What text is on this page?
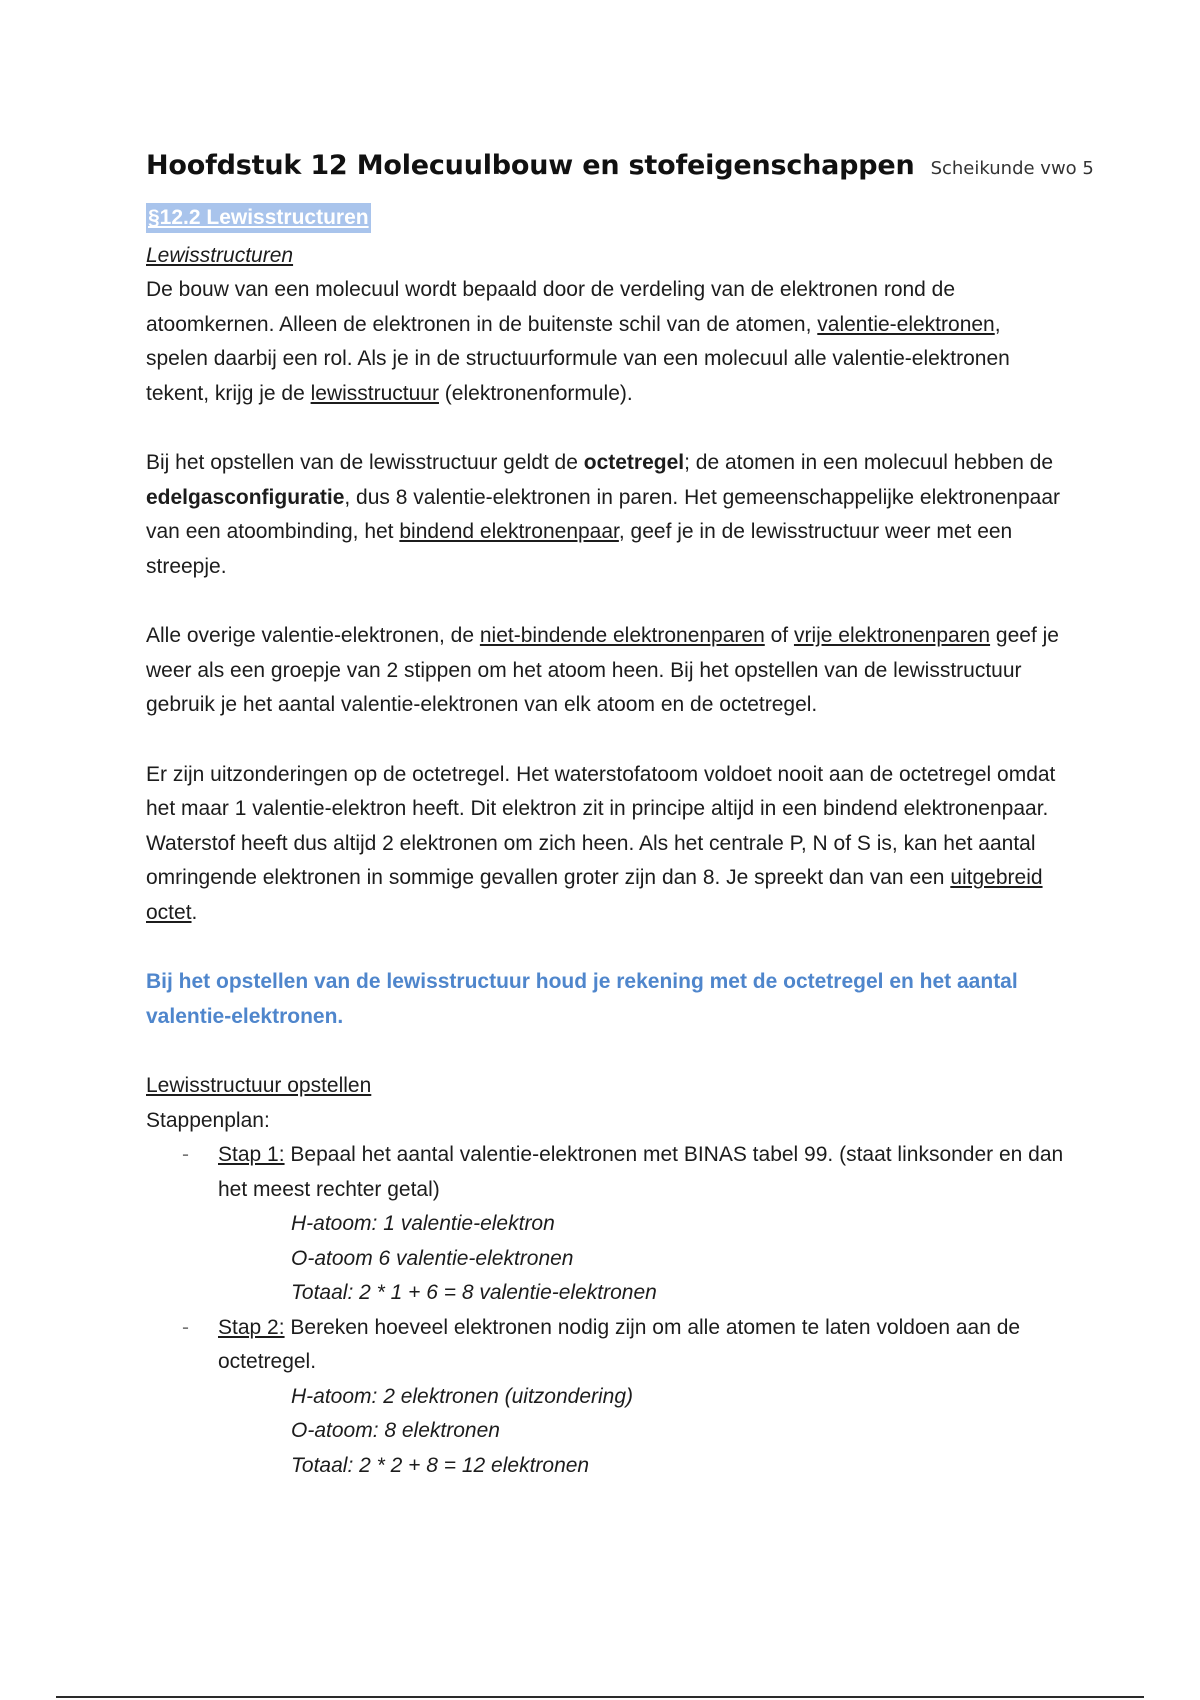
Hoofdstuk 12 Molecuulbouw en stofeigenschappen Scheikunde vwo 5
§12.2 Lewisstructuren
Lewisstructuren

De bouw van een molecuul wordt bepaald door de verdeling van de elektronen rond de atoomkernen. Alleen de elektronen in de buitenste schil van de atomen, valentie-elektronen, spelen daarbij een rol. Als je in de structuurformule van een molecuul alle valentie-elektronen tekent, krijg je de lewisstructuur (elektronenformule).

Bij het opstellen van de lewisstructuur geldt de octetregel; de atomen in een molecuul hebben de edelgasconfiguratie, dus 8 valentie-elektronen in paren. Het gemeenschappelijke elektronenpaar van een atoombinding, het bindend elektronenpaar, geef je in de lewisstructuur weer met een streepje.

Alle overige valentie-elektronen, de niet-bindende elektronenparen of vrije elektronenparen geef je weer als een groepje van 2 stippen om het atoom heen. Bij het opstellen van de lewisstructuur gebruik je het aantal valentie-elektronen van elk atoom en de octetregel.

Er zijn uitzonderingen op de octetregel. Het waterstofatoom voldoet nooit aan de octetregel omdat het maar 1 valentie-elektron heeft. Dit elektron zit in principe altijd in een bindend elektronenpaar. Waterstof heeft dus altijd 2 elektronen om zich heen. Als het centrale P, N of S is, kan het aantal omringende elektronen in sommige gevallen groter zijn dan 8. Je spreekt dan van een uitgebreid octet.

Bij het opstellen van de lewisstructuur houd je rekening met de octetregel en het aantal valentie-elektronen.

Lewisstructuur opstellen

Stappenplan:

- Stap 1: Bepaal het aantal valentie-elektronen met BINAS tabel 99. (staat linksonder en dan het meest rechter getal)
H-atoom: 1 valentie-elektron
O-atoom 6 valentie-elektronen
Totaal: 2 * 1 + 6 = 8 valentie-elektronen
- Stap 2: Bereken hoeveel elektronen nodig zijn om alle atomen te laten voldoen aan de octetregel.
H-atoom: 2 elektronen (uitzondering)
O-atoom: 8 elektronen
Totaal: 2 * 2 + 8 = 12 elektronen
